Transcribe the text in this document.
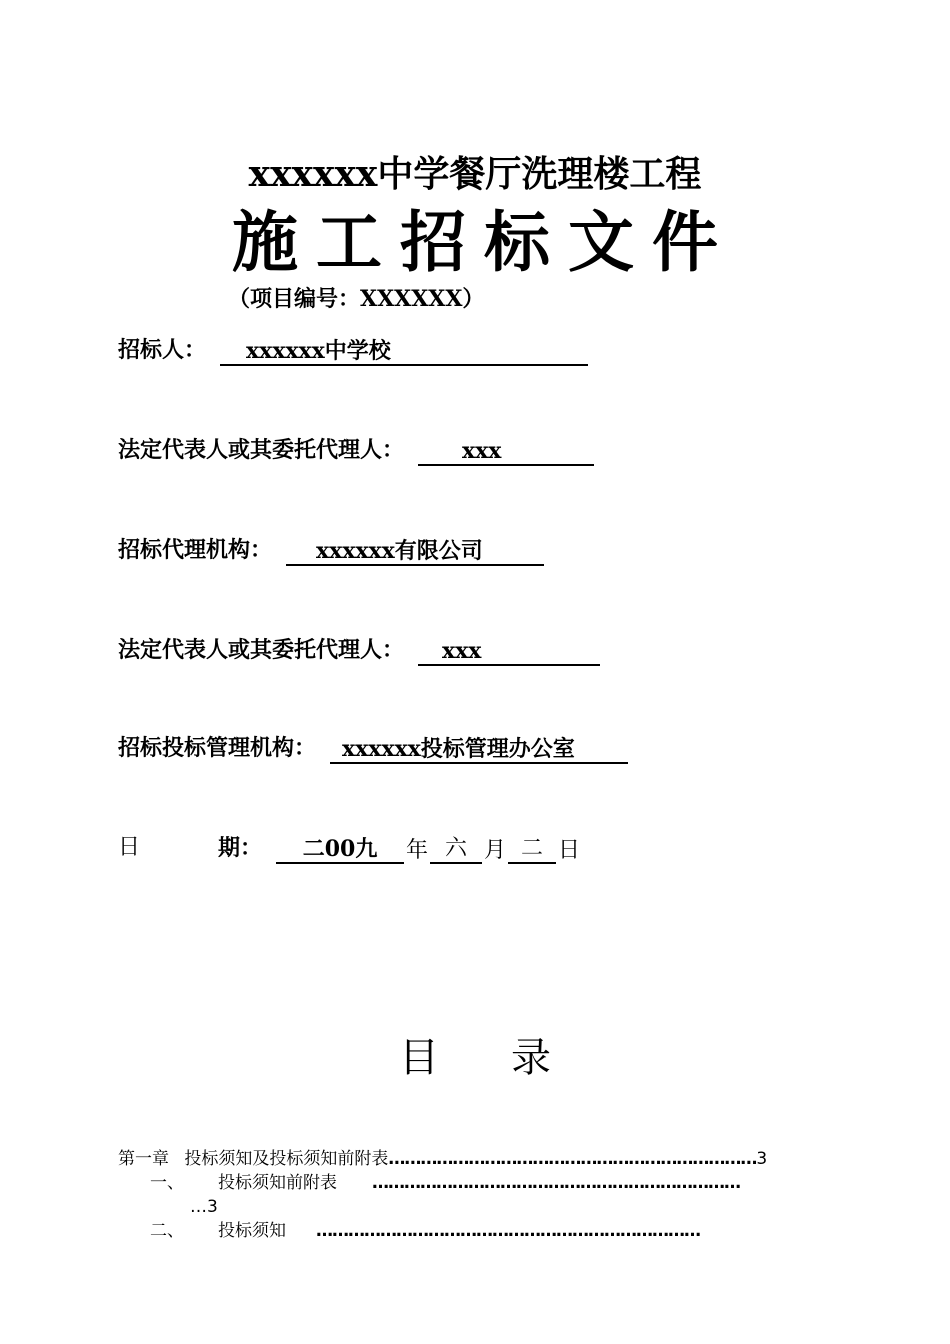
xxxxxx中学餐厅洗理楼工程
施工招标文件
（项目编号：XXXXXX）
招标人： xxxxxx中学校
法定代表人或其委托代理人：	xxx
招标代理机构： xxxxxx有限公司
法定代表人或其委托代理人： xxx
招标投标管理机构： xxxxxx投标管理办公室
日	期：	二00九	年 六 月 二 日
目 录
第一章 投标须知及投标须知前附表……………………………………………………………3
一、 投标须知前附表 ……………………………………………………………
…3
二、 投标须知 ………………………………………………………………
